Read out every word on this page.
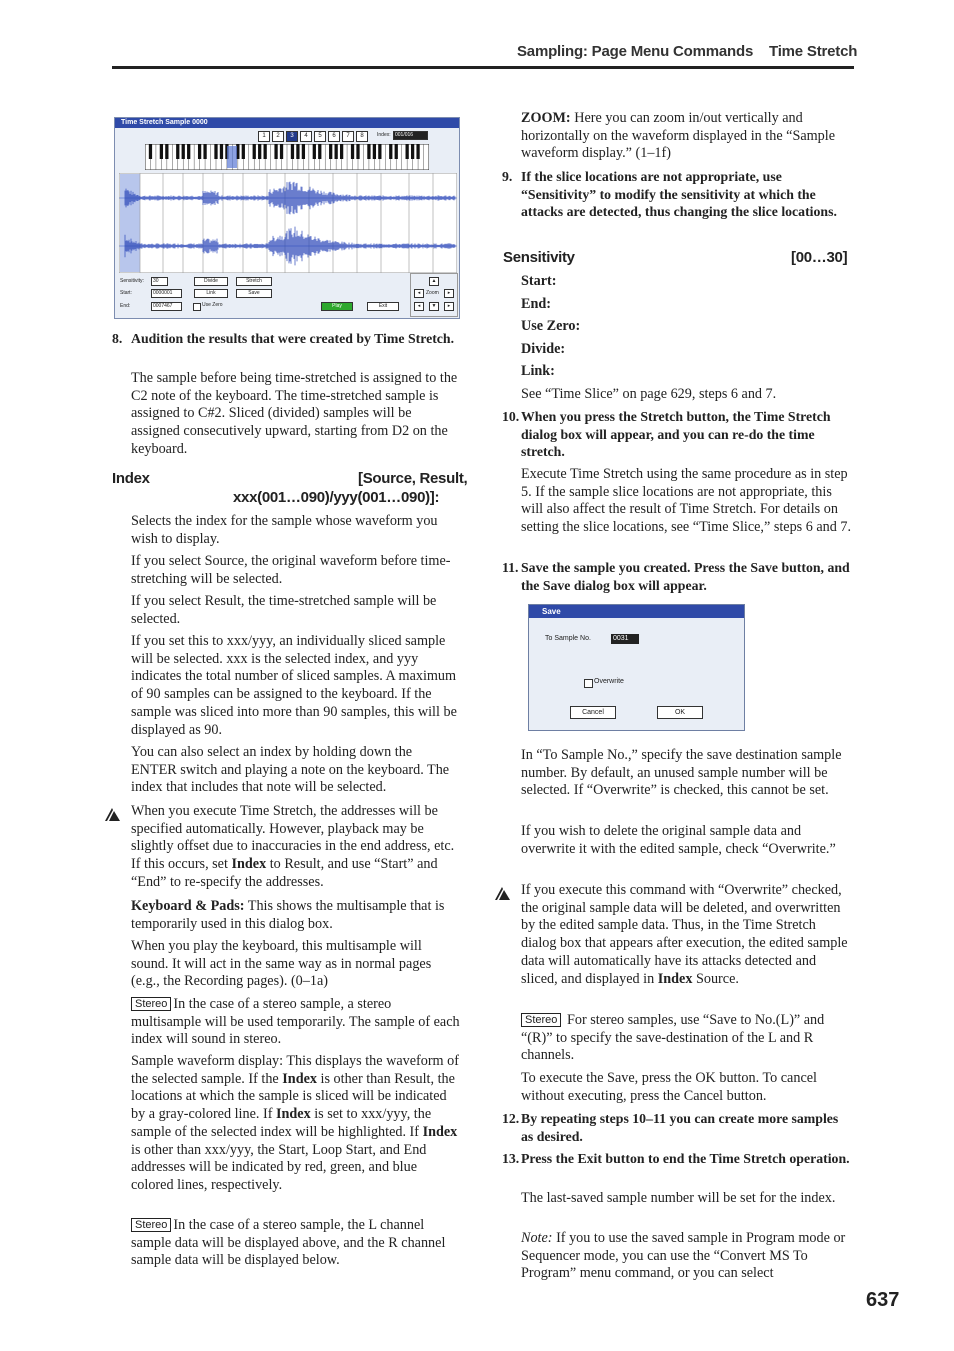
Sampling: Page Menu Commands Time Stretch
Time Stretch Sample 0000
1	2	3	4	5	6	7	8	Index: 001/016
Sensitivity:	30
Start:	0000001
End:	0007467	Use Zero
Divide
Link
Stretch
Save
Play	Exit
▲
◂	Zoom	▸
◂	▼	▸
8. Audition the results that were created by Time Stretch.

The sample before being time-stretched is assigned to the C2 note of the keyboard. The time-stretched sample is assigned to C#2. Sliced (divided) samples will be assigned consecutively upward, starting from D2 on the keyboard.

Index	[Source, Result,
xxx(001…090)/yyy(001…090)]:

Selects the index for the sample whose waveform you wish to display.

If you select Source, the original waveform before time-stretching will be selected.

If you select Result, the time-stretched sample will be selected.

If you set this to xxx/yyy, an individually sliced sample will be selected. xxx is the selected index, and yyy indicates the total number of sliced samples. A maximum of 90 samples can be assigned to the keyboard. If the sample was sliced into more than 90 samples, this will be displayed as 90.

You can also select an index by holding down the ENTER switch and playing a note on the keyboard. The index that includes that note will be selected.

When you execute Time Stretch, the addresses will be specified automatically. However, playback may be slightly offset due to inaccuracies in the end address, etc. If this occurs, set Index to Result, and use “Start” and “End” to re-specify the addresses.

Keyboard & Pads: This shows the multisample that is temporarily used in this dialog box.

When you play the keyboard, this multisample will sound. It will act in the same way as in normal pages (e.g., the Recording pages). (0–1a)

Stereo In the case of a stereo sample, a stereo multisample will be used temporarily. The sample of each index will sound in stereo.

Sample waveform display: This displays the waveform of the selected sample. If the Index is other than Result, the locations at which the sample is sliced will be indicated by a gray-colored line. If Index is set to xxx/yyy, the sample of the selected index will be highlighted. If Index is other than xxx/yyy, the Start, Loop Start, and End addresses will be indicated by red, green, and blue colored lines, respectively.

Stereo In the case of a stereo sample, the L channel sample data will be displayed above, and the R channel sample data will be displayed below.

ZOOM: Here you can zoom in/out vertically and horizontally on the waveform displayed in the “Sample waveform display.” (1–1f)

9. If the slice locations are not appropriate, use “Sensitivity” to modify the sensitivity at which the attacks are detected, thus changing the slice locations.
Sensitivity	[00…30]

Start:

End:

Use Zero:

Divide:

Link:

See “Time Slice” on page 629, steps 6 and 7.

10. When you press the Stretch button, the Time Stretch dialog box will appear, and you can re-do the time stretch.

Execute Time Stretch using the same procedure as in step 5. If the sample slice locations are not appropriate, this will also affect the result of Time Stretch. For details on setting the slice locations, see “Time Slice,” steps 6 and 7.

11. Save the sample you created. Press the Save button, and the Save dialog box will appear.
Save
To Sample No.	0031
Overwrite
Cancel	OK

In “To Sample No.,” specify the save destination sample number. By default, an unused sample number will be selected. If “Overwrite” is checked, this cannot be set.

If you wish to delete the original sample data and overwrite it with the edited sample, check “Overwrite.”

If you execute this command with “Overwrite” checked, the original sample data will be deleted, and overwritten by the edited sample data. Thus, in the Time Stretch dialog box that appears after execution, the edited sample data will automatically have its attacks detected and sliced, and displayed in Index Source.

Stereo For stereo samples, use “Save to No.(L)” and “(R)” to specify the save-destination of the L and R channels.

To execute the Save, press the OK button. To cancel without executing, press the Cancel button.

12. By repeating steps 10–11 you can create more samples as desired.
13. Press the Exit button to end the Time Stretch operation.

The last-saved sample number will be set for the index.

Note: If you to use the saved sample in Program mode or Sequencer mode, you can use the “Convert MS To Program” menu command, or you can select

637
